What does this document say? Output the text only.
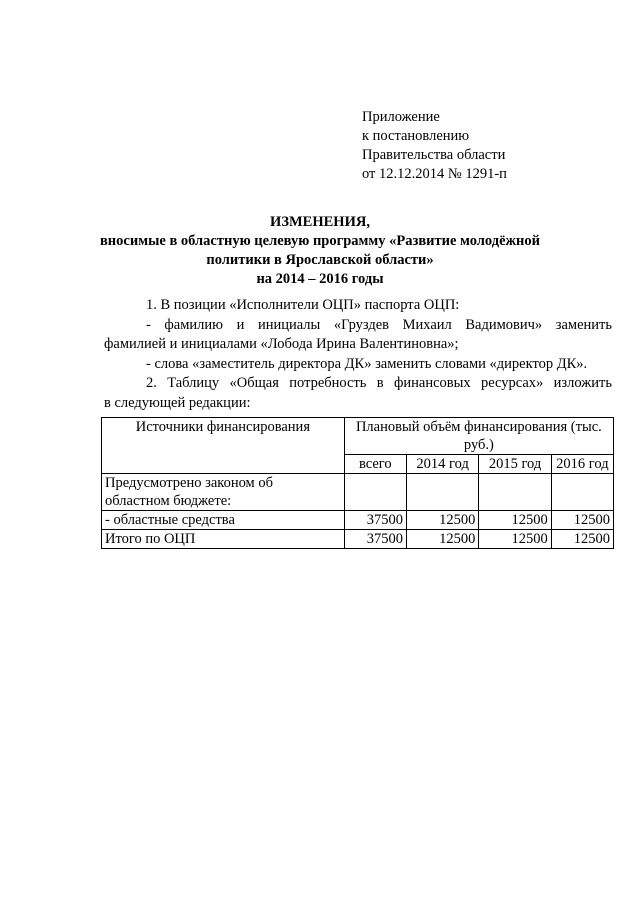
Приложение
к постановлению
Правительства области
от 12.12.2014 № 1291-п
ИЗМЕНЕНИЯ,
вносимые в областную целевую программу «Развитие молодёжной
политики в Ярославской области»
на 2014 – 2016 годы
1. В позиции «Исполнители ОЦП» паспорта ОЦП:
- фамилию и инициалы «Груздев Михаил Вадимович» заменить
фамилией и инициалами «Лобода Ирина Валентиновна»;
- слова «заместитель директора ДК» заменить словами «директор ДК».
2. Таблицу «Общая потребность в финансовых ресурсах» изложить
в следующей редакции:
Источники финансирования	Плановый объём финансирования (тыс. руб.)			
	всего	2014 год	2015 год	2016 год
Предусмотрено законом об областном бюджете:				
- областные средства	37500	12500	12500	12500
Итого по ОЦП	37500	12500	12500	12500
